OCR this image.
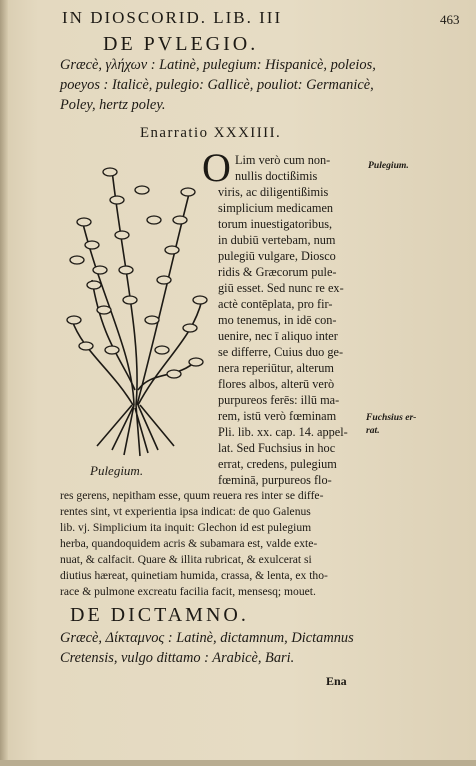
IN DIOSCORID. LIB. III	463
DE PVLEGIO.
Græcè, γλήχων : Latinè, pulegium: Hispanicè, poleios,
poeyos : Italicè, pulegio: Gallicè, pouliot: Germanicè,
Poley, hertz poley.
Enarratio XXXIIII.
Pulegium.
O Lim verò cum non-
nullis doctißimis
viris, ac diligentißimis
simplicium medicamen
torum inuestigatoribus,
in dubiū vertebam, num
pulegiū vulgare, Diosco
ridis & Græcorum pule-
giū esset. Sed nunc re ex-
actè contēplata, pro fir-
mo tenemus, in idē con-
uenire, nec ī aliquo inter
se differre, Cuius duo ge-
nera reperiūtur, alterum
flores albos, alterū verò
purpureos ferēs: illū ma-
rem, istū verò fœminam
Pli. lib. xx. cap. 14. appel-
lat. Sed Fuchsius in hoc
errat, credens, pulegium
fœminā, purpureos flo-
Pulegium.
Fuchsius er-
rat.
res gerens, nepitham esse, quum reuera res inter se diffe-
rentes sint, vt experientia ipsa indicat: de quo Galenus
lib. vj. Simplicium ita inquit: Glechon id est pulegium
herba, quandoquidem acris & subamara est, valde exte-
nuat, & calfacit. Quare & illita rubricat, & exulcerat si
diutius hæreat, quinetiam humida, crassa, & lenta, ex tho-
race & pulmone excreatu facilia facit, mensesq; mouet.
DE DICTAMNO.
Græcè, Δίκταμνος : Latinè, dictamnum, Dictamnus
Cretensis, vulgo dittamo : Arabicè, Bari.
Ena
